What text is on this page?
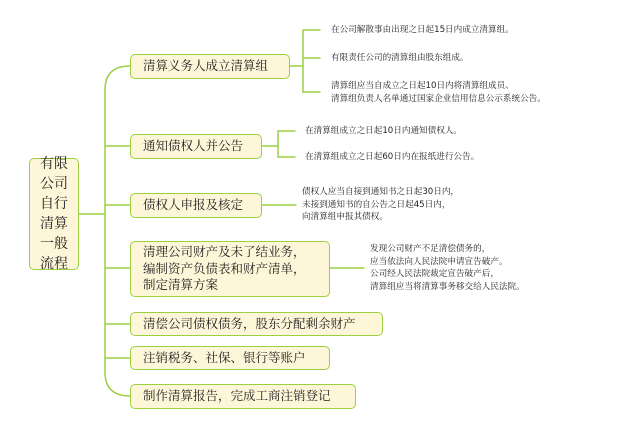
有限
公司
自行
清算
一般
流程
清算义务人成立清算组
通知债权人并公告
债权人申报及核定
清理公司财产及未了结业务，
编制资产负债表和财产清单，
制定清算方案
清偿公司债权债务，股东分配剩余财产
注销税务、社保、银行等账户
制作清算报告，完成工商注销登记
在公司解散事由出现之日起15日内成立清算组。
有限责任公司的清算组由股东组成。
清算组应当自成立之日起10日内将清算组成员、
清算组负责人名单通过国家企业信用信息公示系统公告。
在清算组成立之日起10日内通知债权人。
在清算组成立之日起60日内在报纸进行公告。
债权人应当自接到通知书之日起30日内，
未接到通知书的自公告之日起45日内，
向清算组申报其债权。
发现公司财产不足清偿债务的，
应当依法向人民法院申请宣告破产。
公司经人民法院裁定宣告破产后，
清算组应当将清算事务移交给人民法院。
